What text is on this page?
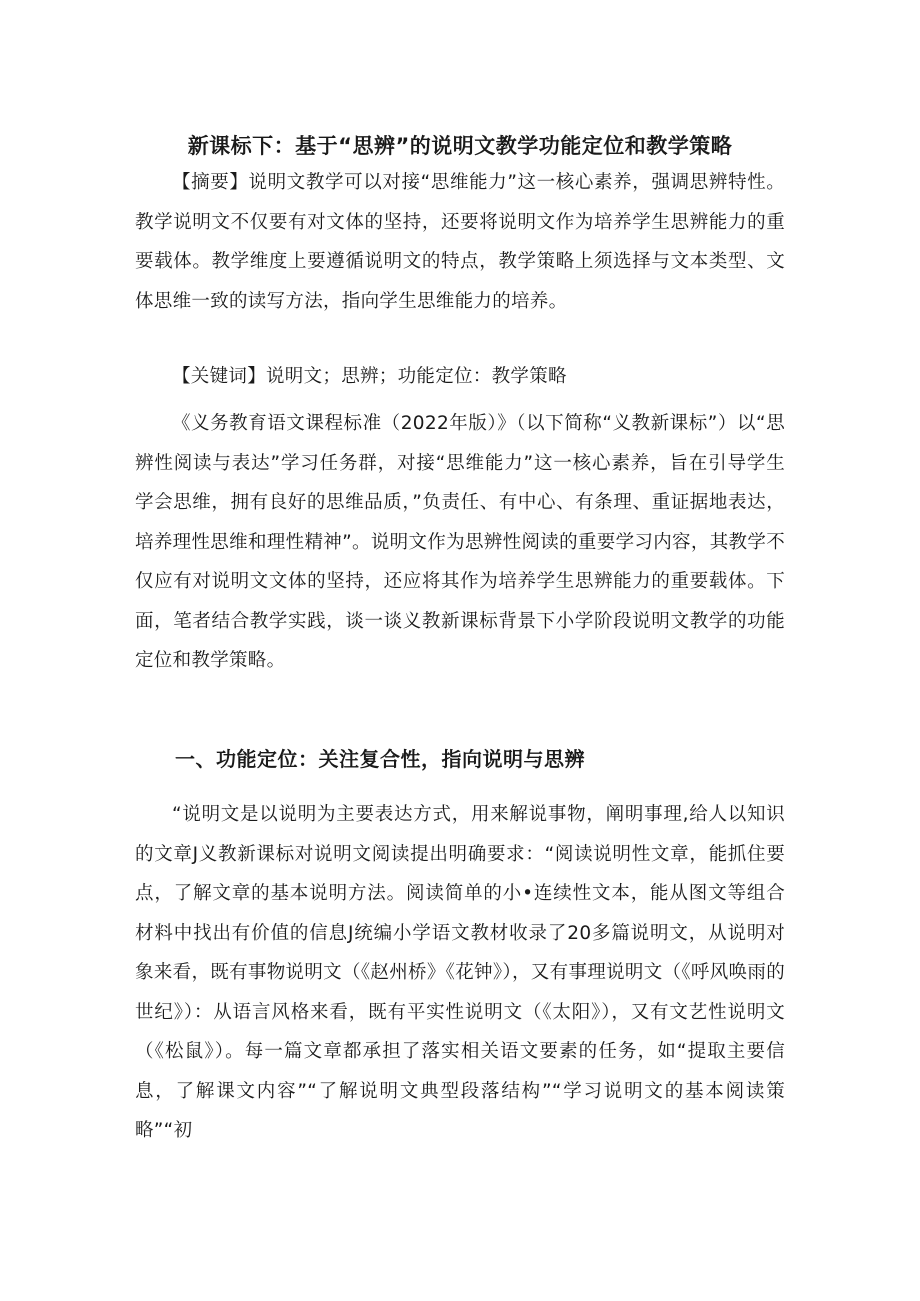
新课标下：基于“思辨”的说明文教学功能定位和教学策略

【摘要】说明文教学可以对接“思维能力”这一核心素养，强调思辨特性。教学说明文不仅要有对文体的坚持，还要将说明文作为培养学生思辨能力的重要载体。教学维度上要遵循说明文的特点，教学策略上须选择与文本类型、文体思维一致的读写方法，指向学生思维能力的培养。

【关键词】说明文；思辨；功能定位：教学策略

《义务教育语文课程标准（2022年版）》（以下简称“义教新课标”）以“思辨性阅读与表达”学习任务群，对接“思维能力”这一核心素养，旨在引导学生学会思维，拥有良好的思维品质，”负责任、有中心、有条理、重证据地表达，培养理性思维和理性精神”。说明文作为思辨性阅读的重要学习内容，其教学不仅应有对说明文文体的坚持，还应将其作为培养学生思辨能力的重要载体。下面，笔者结合教学实践，谈一谈义教新课标背景下小学阶段说明文教学的功能定位和教学策略。

一、功能定位：关注复合性，指向说明与思辨

“说明文是以说明为主要表达方式，用来解说事物，阐明事理,给人以知识的文章J义教新课标对说明文阅读提出明确要求：“阅读说明性文章，能抓住要点，了解文章的基本说明方法。阅读简单的小•连续性文本，能从图文等组合材料中找出有价值的信息J统编小学语文教材收录了20多篇说明文，从说明对象来看，既有事物说明文（《赵州桥》《花钟》），又有事理说明文（《呼风唤雨的世纪》）：从语言风格来看，既有平实性说明文（《太阳》），又有文艺性说明文（《松鼠》）。每一篇文章都承担了落实相关语文要素的任务，如“提取主要信息，了解课文内容”“了解说明文典型段落结构”“学习说明文的基本阅读策略”“初
